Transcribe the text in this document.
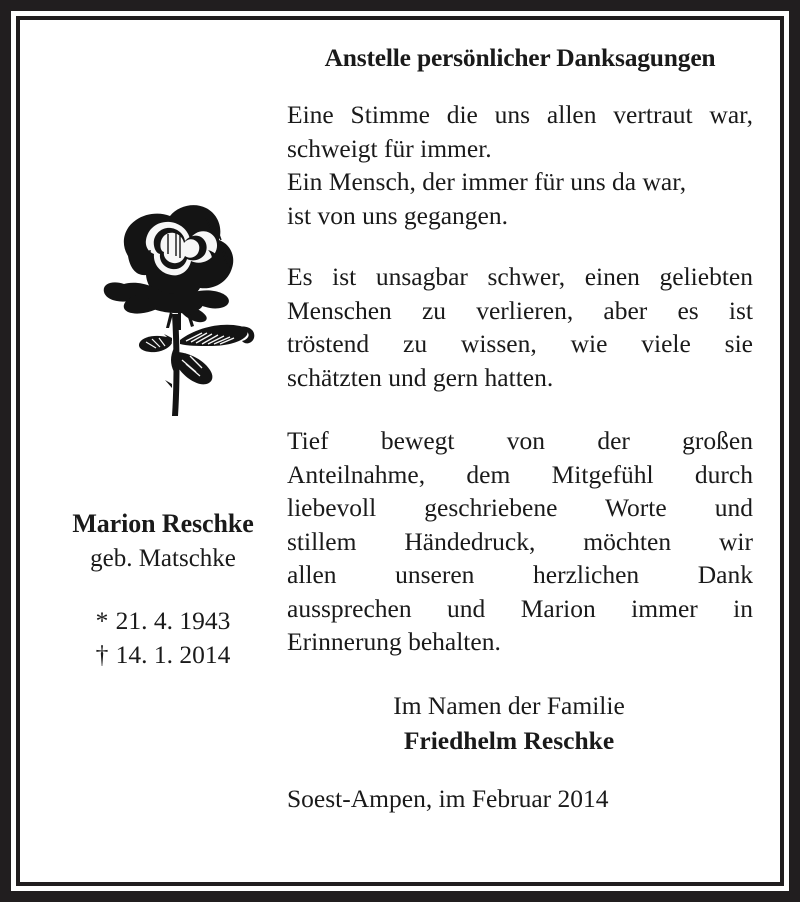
Marion Reschke
geb. Matschke
* 21. 4. 1943
† 14. 1. 2014
Anstelle persönlicher Danksagungen
Eine Stimme die uns allen vertraut war,
schweigt für immer.
Ein Mensch, der immer für uns da war,
ist von uns gegangen.
Es ist unsagbar schwer, einen geliebten
Menschen zu verlieren, aber es ist
tröstend zu wissen, wie viele sie
schätzten und gern hatten.
Tief bewegt von der großen
Anteilnahme, dem Mitgefühl durch
liebevoll geschriebene Worte und
stillem Händedruck, möchten wir
allen unseren herzlichen Dank
aussprechen und Marion immer in
Erinnerung behalten.
Im Namen der Familie
Friedhelm Reschke
Soest-Ampen, im Februar 2014
